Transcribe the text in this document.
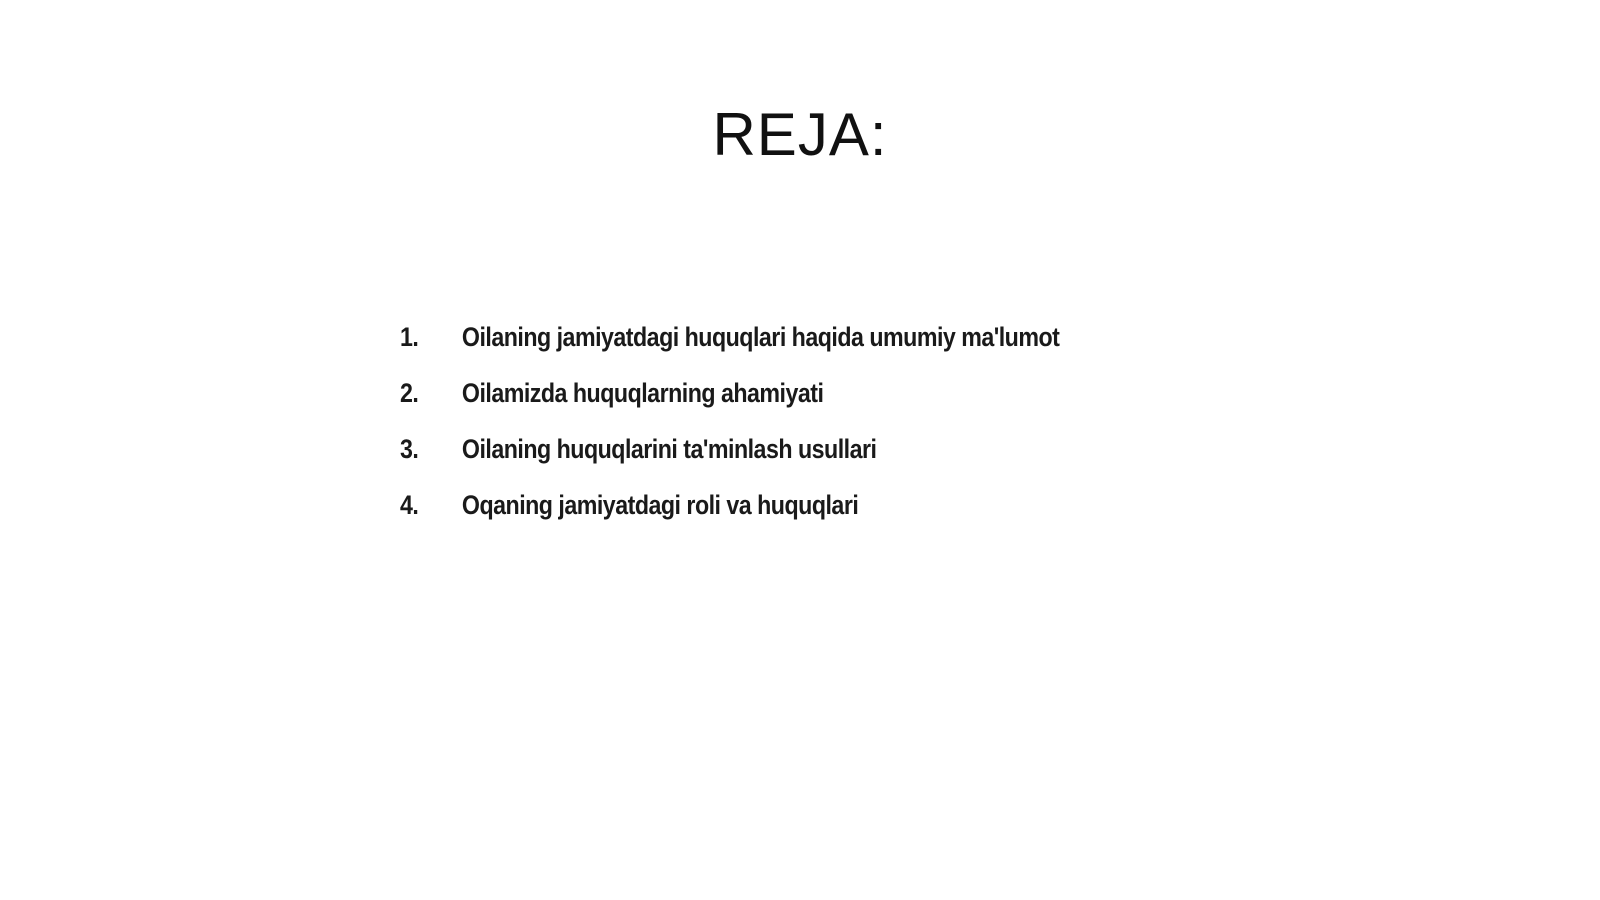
REJA:
1.	Oilaning jamiyatdagi huquqlari haqida umumiy ma'lumot
2.	Oilamizda huquqlarning ahamiyati
3.	Oilaning huquqlarini ta'minlash usullari
4.	Oqaning jamiyatdagi roli va huquqlari
